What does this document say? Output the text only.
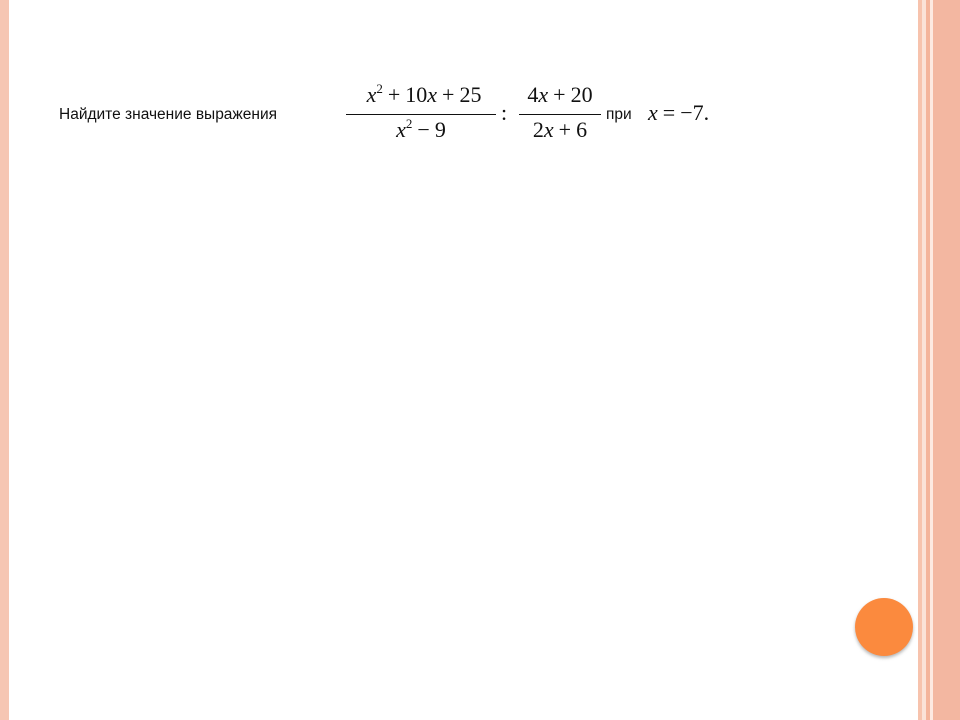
Найдите значение выражения
$x^2 + 10x + 25$
$x^2 - 9$
:
4x + 20
2x + 6
при x = −7.
